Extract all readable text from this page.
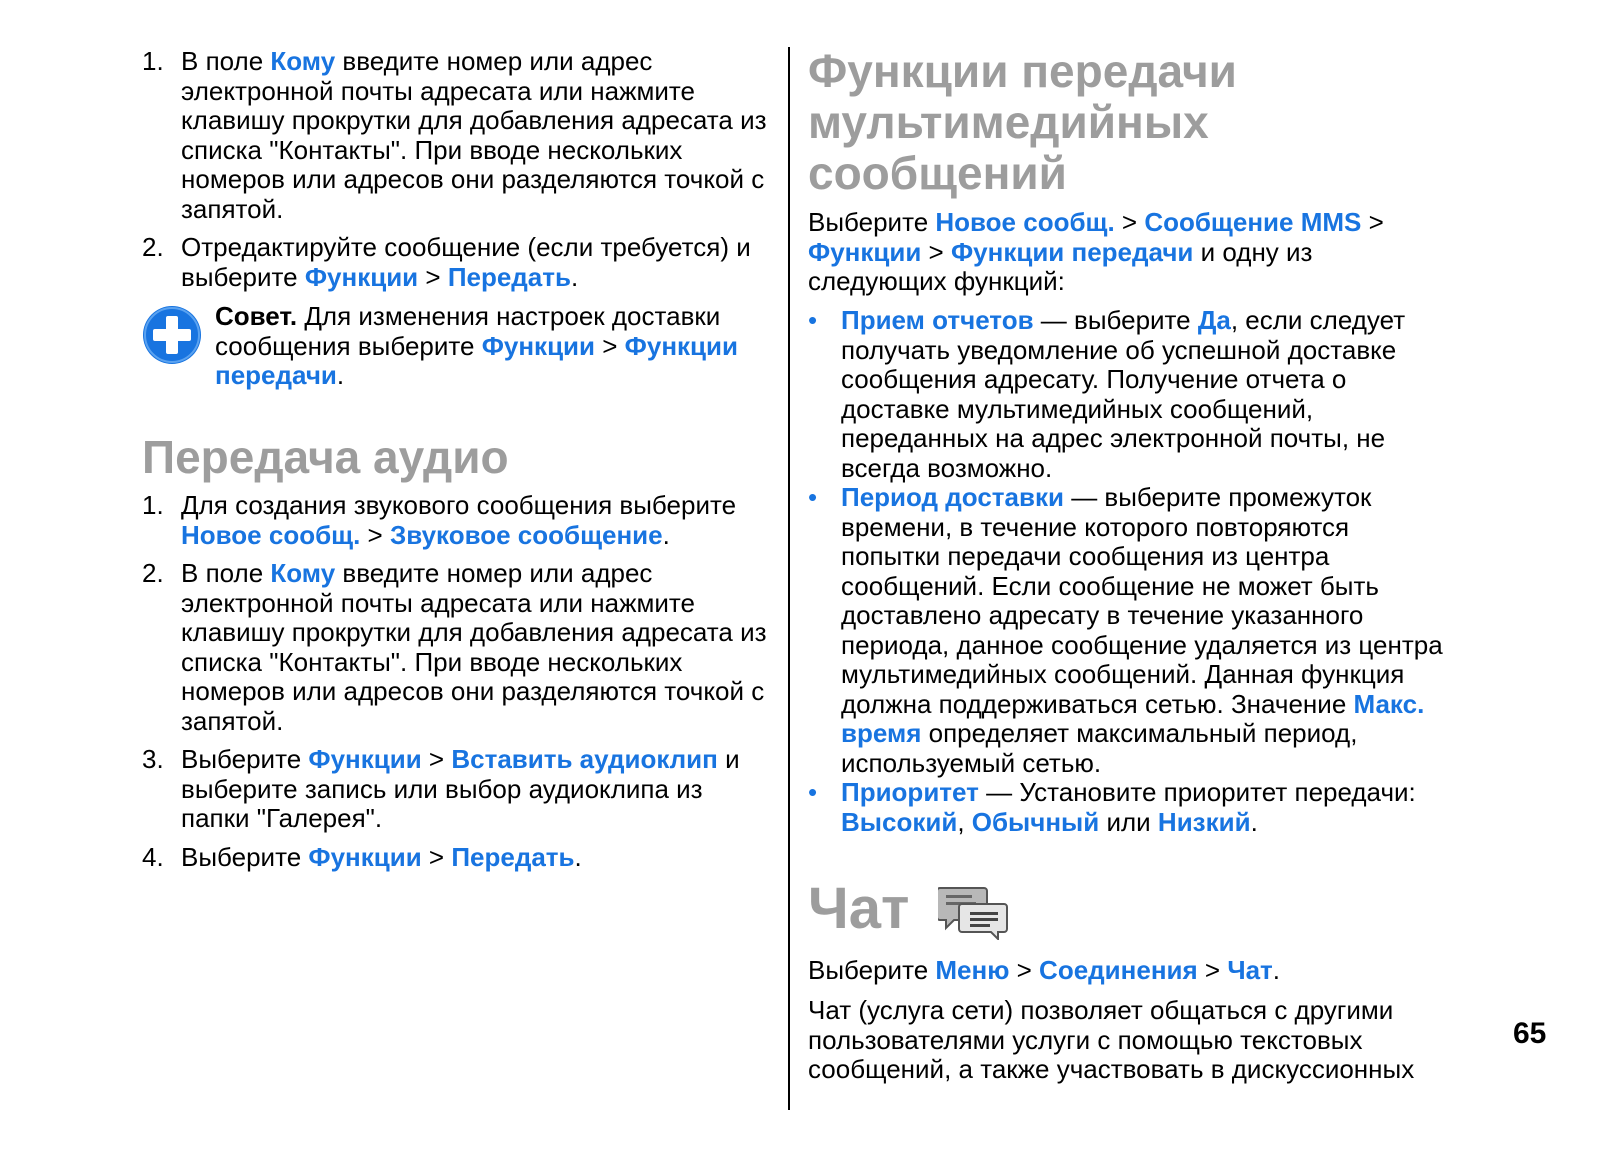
1. В поле Кому введите номер или адрес
электронной почты адресата или нажмите
клавишу прокрутки для добавления адресата из
списка "Контакты". При вводе нескольких
номеров или адресов они разделяются точкой с
запятой.
2. Отредактируйте сообщение (если требуется) и
выберите Функции > Передать.
Совет. Для изменения настроек доставки
сообщения выберите Функции > Функции
передачи.
Передача аудио
1. Для создания звукового сообщения выберите
Новое сообщ. > Звуковое сообщение.
2. В поле Кому введите номер или адрес
электронной почты адресата или нажмите
клавишу прокрутки для добавления адресата из
списка "Контакты". При вводе нескольких
номеров или адресов они разделяются точкой с
запятой.
3. Выберите Функции > Вставить аудиоклип и
выберите запись или выбор аудиоклипа из
папки "Галерея".
4. Выберите Функции > Передать.
Функции передачи
мультимедийных
сообщений
Выберите Новое сообщ. > Сообщение MMS >
Функции > Функции передачи и одну из
следующих функций:
• Прием отчетов — выберите Да, если следует
получать уведомление об успешной доставке
сообщения адресату. Получение отчета о
доставке мультимедийных сообщений,
переданных на адрес электронной почты, не
всегда возможно.
• Период доставки — выберите промежуток
времени, в течение которого повторяются
попытки передачи сообщения из центра
сообщений. Если сообщение не может быть
доставлено адресату в течение указанного
периода, данное сообщение удаляется из центра
мультимедийных сообщений. Данная функция
должна поддерживаться сетью. Значение Макс.
время определяет максимальный период,
используемый сетью.
• Приоритет — Установите приоритет передачи:
Высокий, Обычный или Низкий.
Чат
Выберите Меню > Соединения > Чат.
Чат (услуга сети) позволяет общаться с другими
пользователями услуги с помощью текстовых
сообщений, а также участвовать в дискуссионных
65
